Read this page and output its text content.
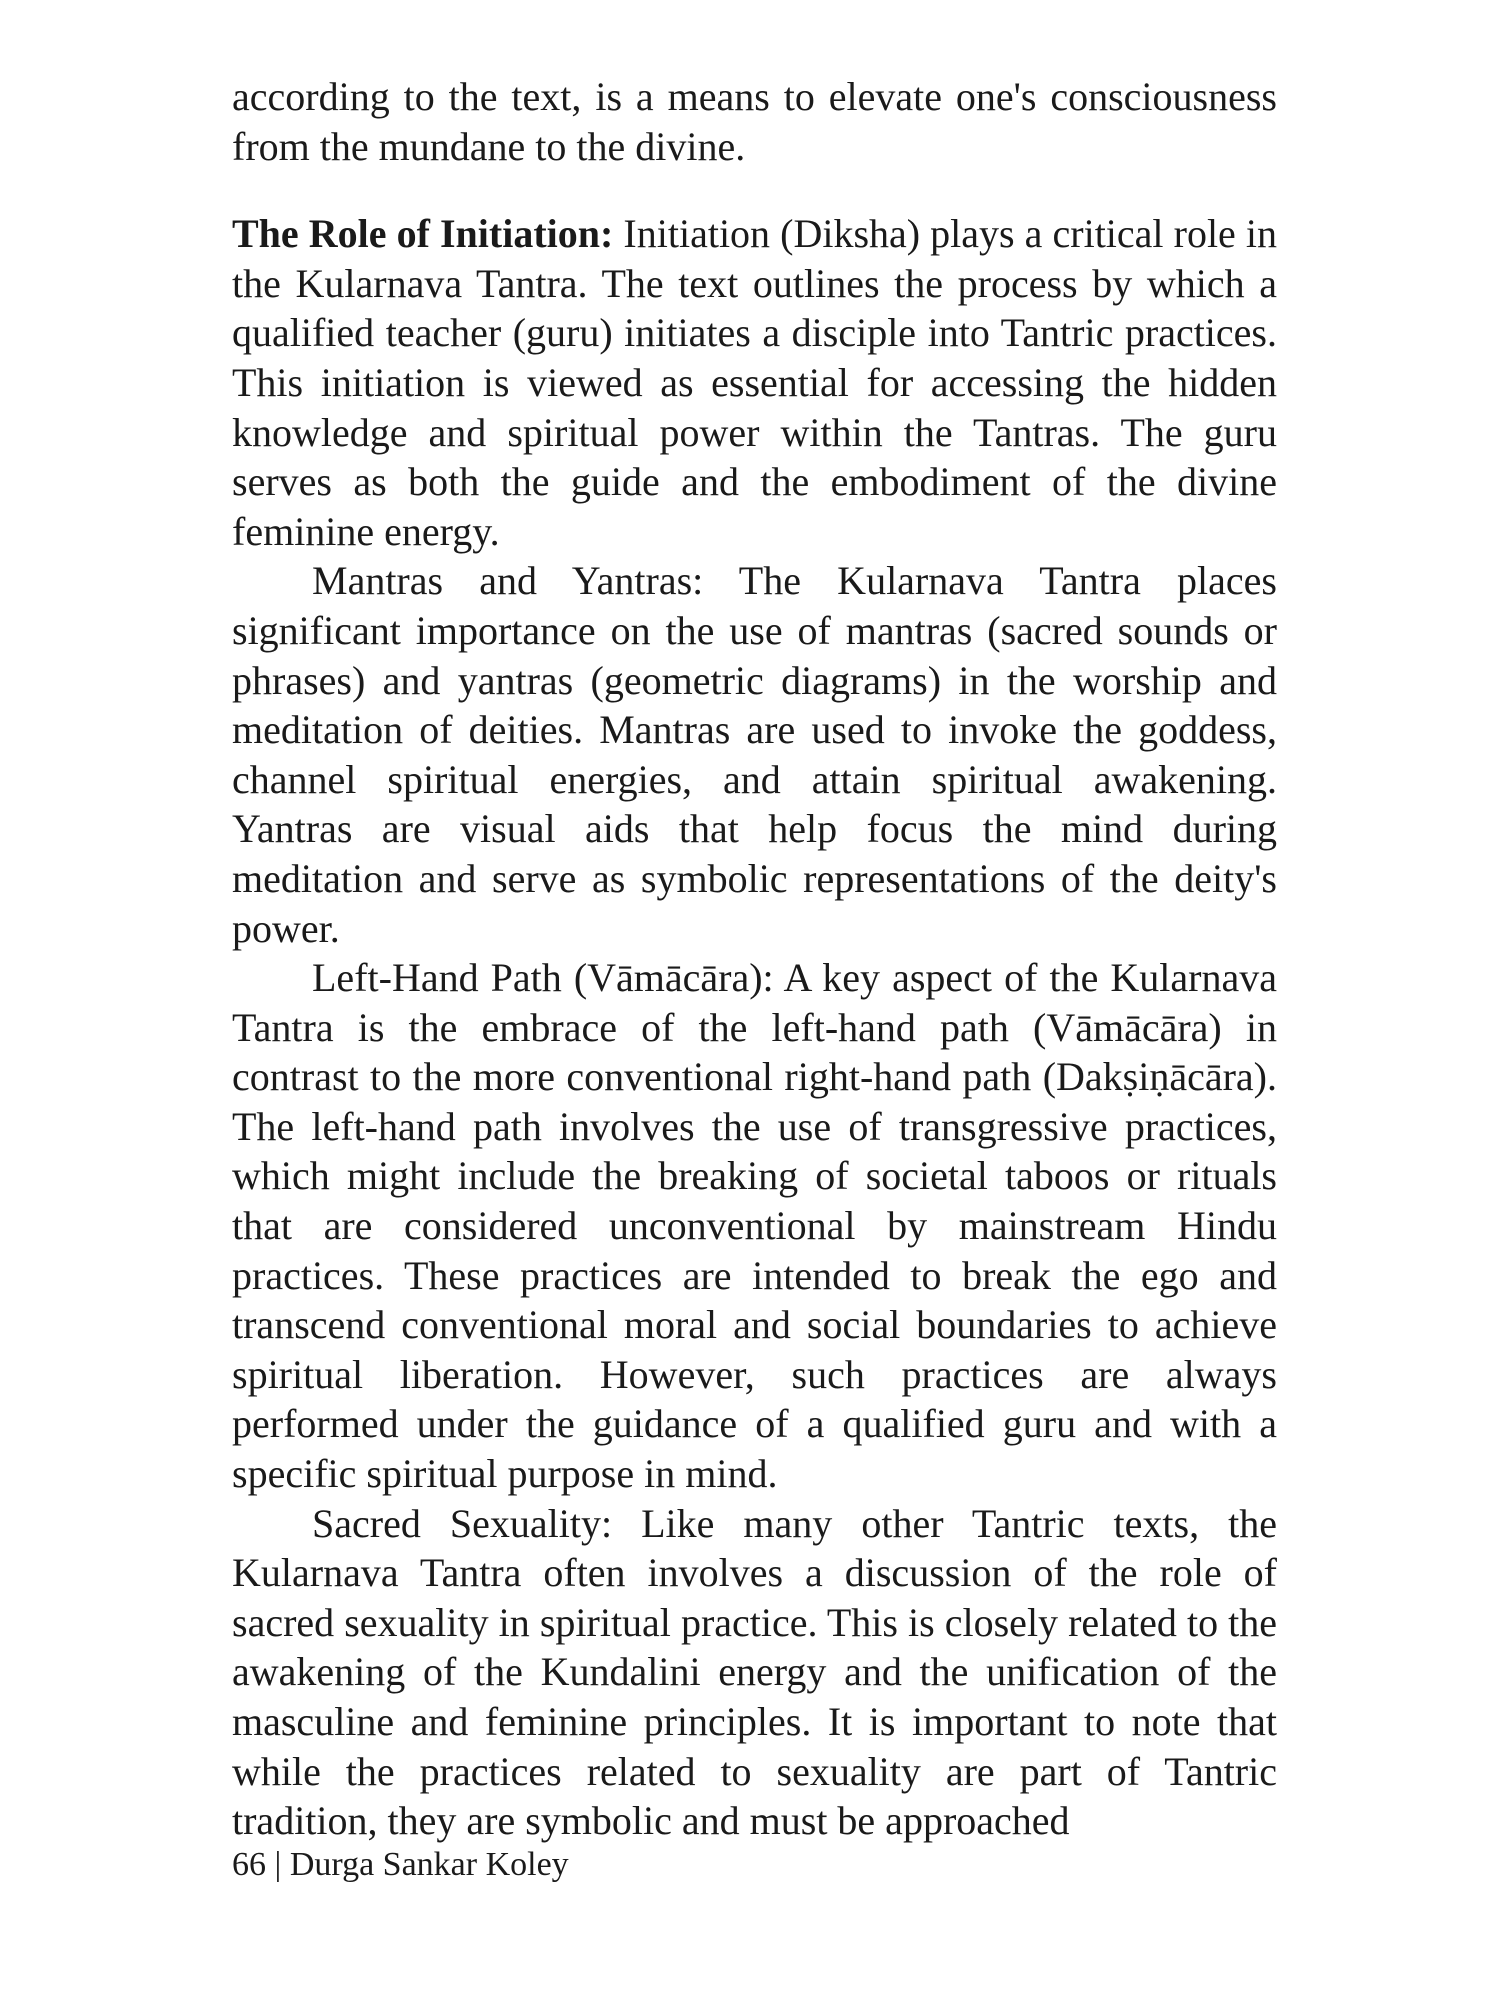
according to the text, is a means to elevate one's consciousness from the mundane to the divine.

The Role of Initiation: Initiation (Diksha) plays a critical role in the Kularnava Tantra. The text outlines the process by which a qualified teacher (guru) initiates a disciple into Tantric practices. This initiation is viewed as essential for accessing the hidden knowledge and spiritual power within the Tantras. The guru serves as both the guide and the embodiment of the divine feminine energy.

Mantras and Yantras: The Kularnava Tantra places significant importance on the use of mantras (sacred sounds or phrases) and yantras (geometric diagrams) in the worship and meditation of deities. Mantras are used to invoke the goddess, channel spiritual energies, and attain spiritual awakening. Yantras are visual aids that help focus the mind during meditation and serve as symbolic representations of the deity's power.

Left-Hand Path (Vāmācāra): A key aspect of the Kularnava Tantra is the embrace of the left-hand path (Vāmācāra) in contrast to the more conventional right-hand path (Dakṣiṇācāra). The left-hand path involves the use of transgressive practices, which might include the breaking of societal taboos or rituals that are considered unconventional by mainstream Hindu practices. These practices are intended to break the ego and transcend conventional moral and social boundaries to achieve spiritual liberation. However, such practices are always performed under the guidance of a qualified guru and with a specific spiritual purpose in mind.

Sacred Sexuality: Like many other Tantric texts, the Kularnava Tantra often involves a discussion of the role of sacred sexuality in spiritual practice. This is closely related to the awakening of the Kundalini energy and the unification of the masculine and feminine principles. It is important to note that while the practices related to sexuality are part of Tantric tradition, they are symbolic and must be approached

66 | Durga Sankar Koley
